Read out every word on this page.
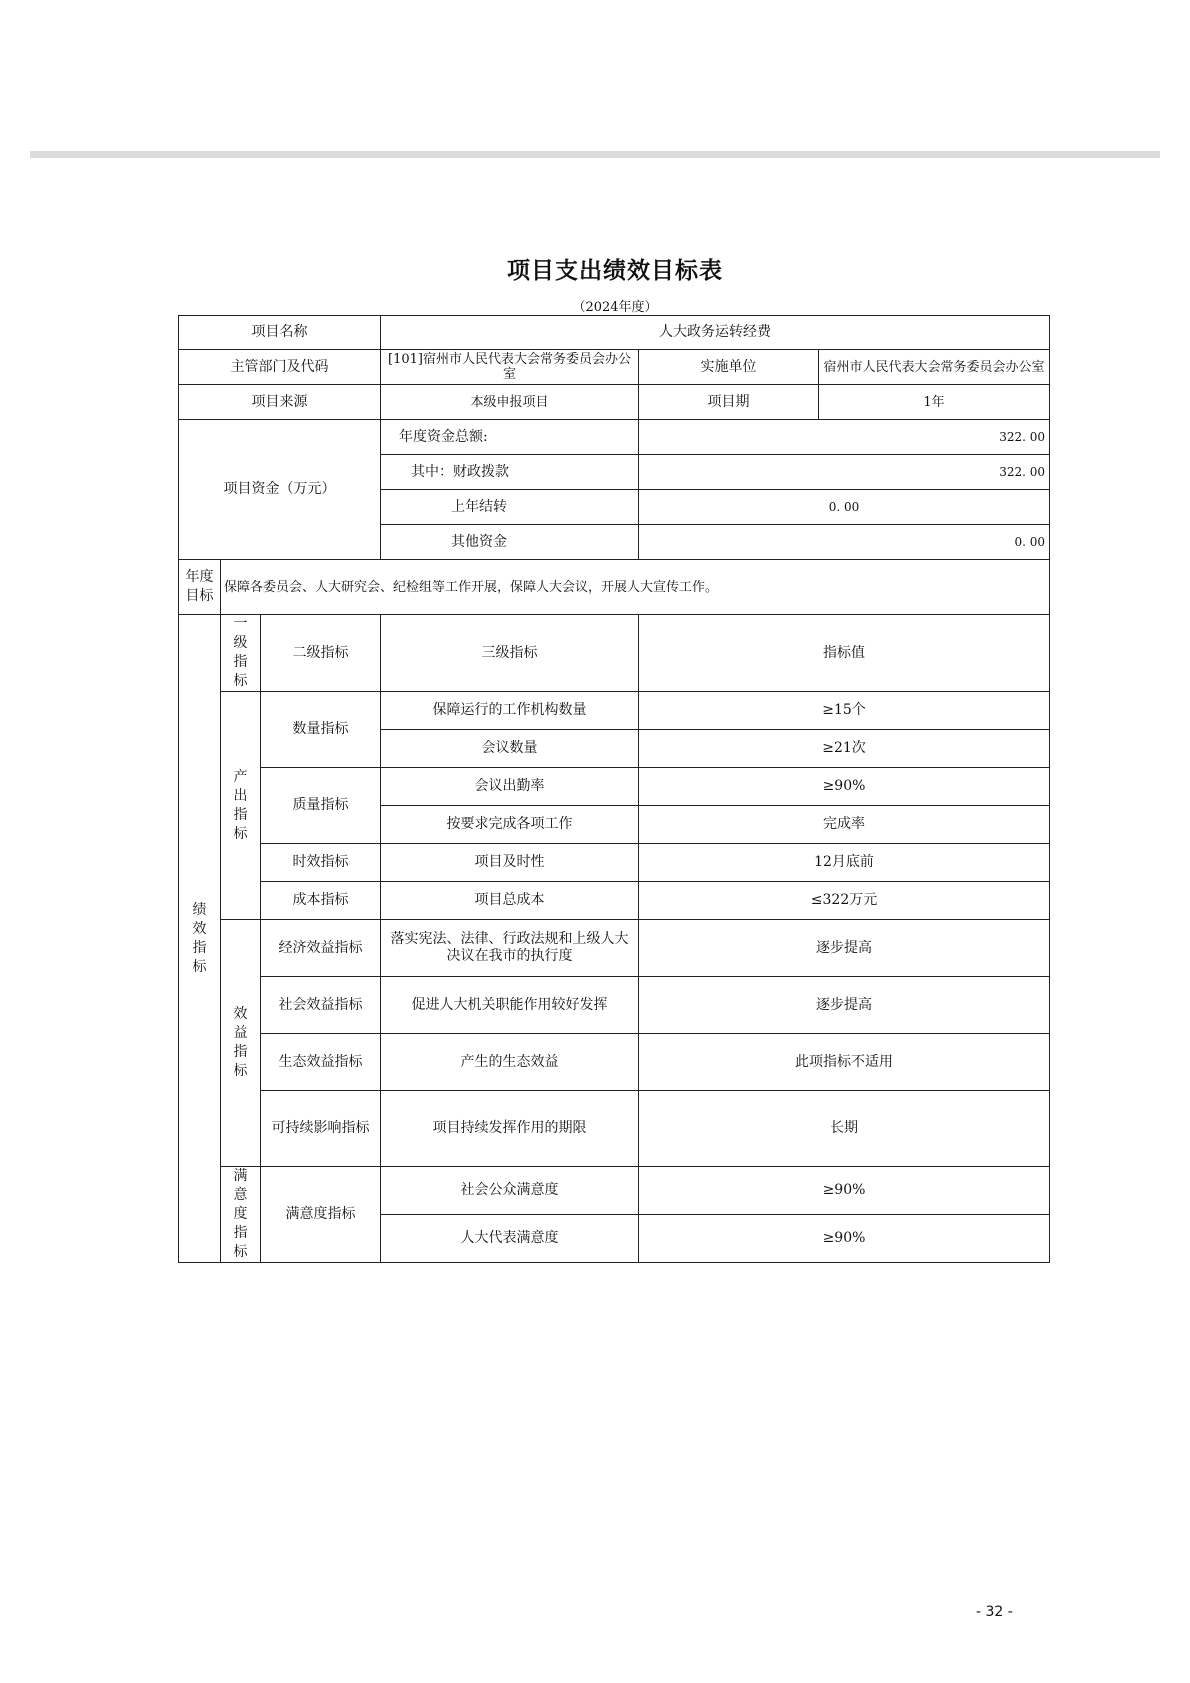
项目支出绩效目标表
（2024年度）
项目名称			人大政务运转经费		
主管部门及代码			[101]宿州市人民代表大会常务委员会办公室	实施单位	宿州市人民代表大会常务委员会办公室
项目来源			本级申报项目	项目期	1年
项目资金（万元）			年度资金总额:	322. 00	
			其中：财政拨款	322. 00	
			上年结转	0. 00	
			其他资金	0. 00	
年度目标	保障各委员会、人大研究会、纪检组等工作开展，保障人大会议，开展人大宣传工作。				
绩效指标	一级指标	二级指标	三级指标	指标值	
	产出指标	数量指标	保障运行的工作机构数量	≥15个	
			会议数量	≥21次	
		质量指标	会议出勤率	≥90%	
			按要求完成各项工作	完成率	
		时效指标	项目及时性	12月底前	
		成本指标	项目总成本	≤322万元	
	效益指标	经济效益指标	落实宪法、法律、行政法规和上级人大决议在我市的执行度	逐步提高	
		社会效益指标	促进人大机关职能作用较好发挥	逐步提高	
		生态效益指标	产生的生态效益	此项指标不适用	
		可持续影响指标	项目持续发挥作用的期限	长期	
	满意度指标	满意度指标	社会公众满意度	≥90%	
			人大代表满意度	≥90%	
- 32 -
